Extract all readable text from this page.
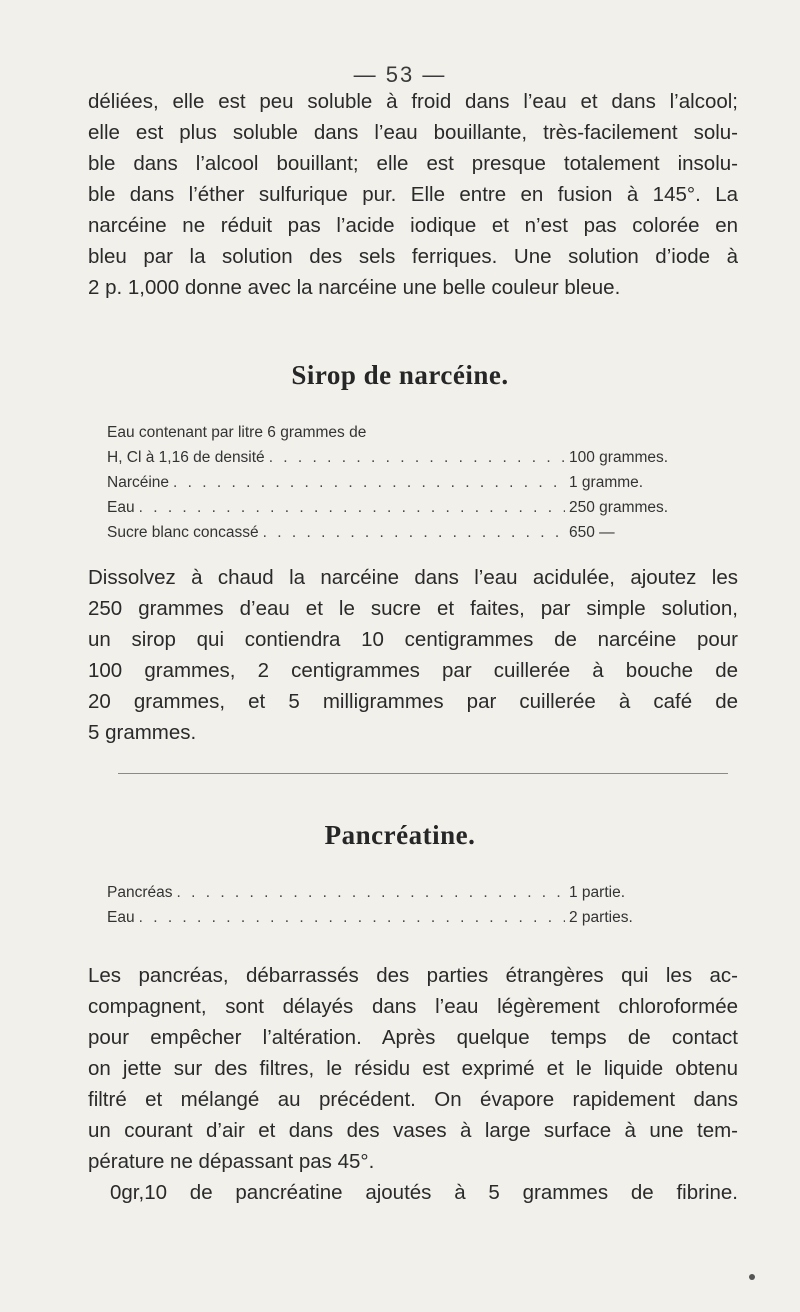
— 53 —

déliées, elle est peu soluble à froid dans l’eau et dans l’alcool;
elle est plus soluble dans l’eau bouillante, très-facilement solu-
ble dans l’alcool bouillant; elle est presque totalement insolu-
ble dans l’éther sulfurique pur. Elle entre en fusion à 145°. La
narcéine ne réduit pas l’acide iodique et n’est pas colorée en
bleu par la solution des sels ferriques. Une solution d’iode à
2 p. 1,000 donne avec la narcéine une belle couleur bleue.

Sirop de narcéine.
Eau contenant par litre 6 grammes de
H, Cl à 1,16 de densité . . .	100 grammes.
Narcéine . . .	1 gramme.
Eau . . .	250 grammes.
Sucre blanc concassé . . .	650 —

Dissolvez à chaud la narcéine dans l’eau acidulée, ajoutez les
250 grammes d’eau et le sucre et faites, par simple solution,
un sirop qui contiendra 10 centigrammes de narcéine pour
100 grammes, 2 centigrammes par cuillerée à bouche de
20 grammes, et 5 milligrammes par cuillerée à café de
5 grammes.

Pancréatine.
Pancréas . . .	1 partie.
Eau . . .	2 parties.

Les pancréas, débarrassés des parties étrangères qui les ac-
compagnent, sont délayés dans l’eau légèrement chloroformée
pour empêcher l’altération. Après quelque temps de contact
on jette sur des filtres, le résidu est exprimé et le liquide obtenu
filtré et mélangé au précédent. On évapore rapidement dans
un courant d’air et dans des vases à large surface à une tem-
pérature ne dépassant pas 45°.
0gr,10 de pancréatine ajoutés à 5 grammes de fibrine.
